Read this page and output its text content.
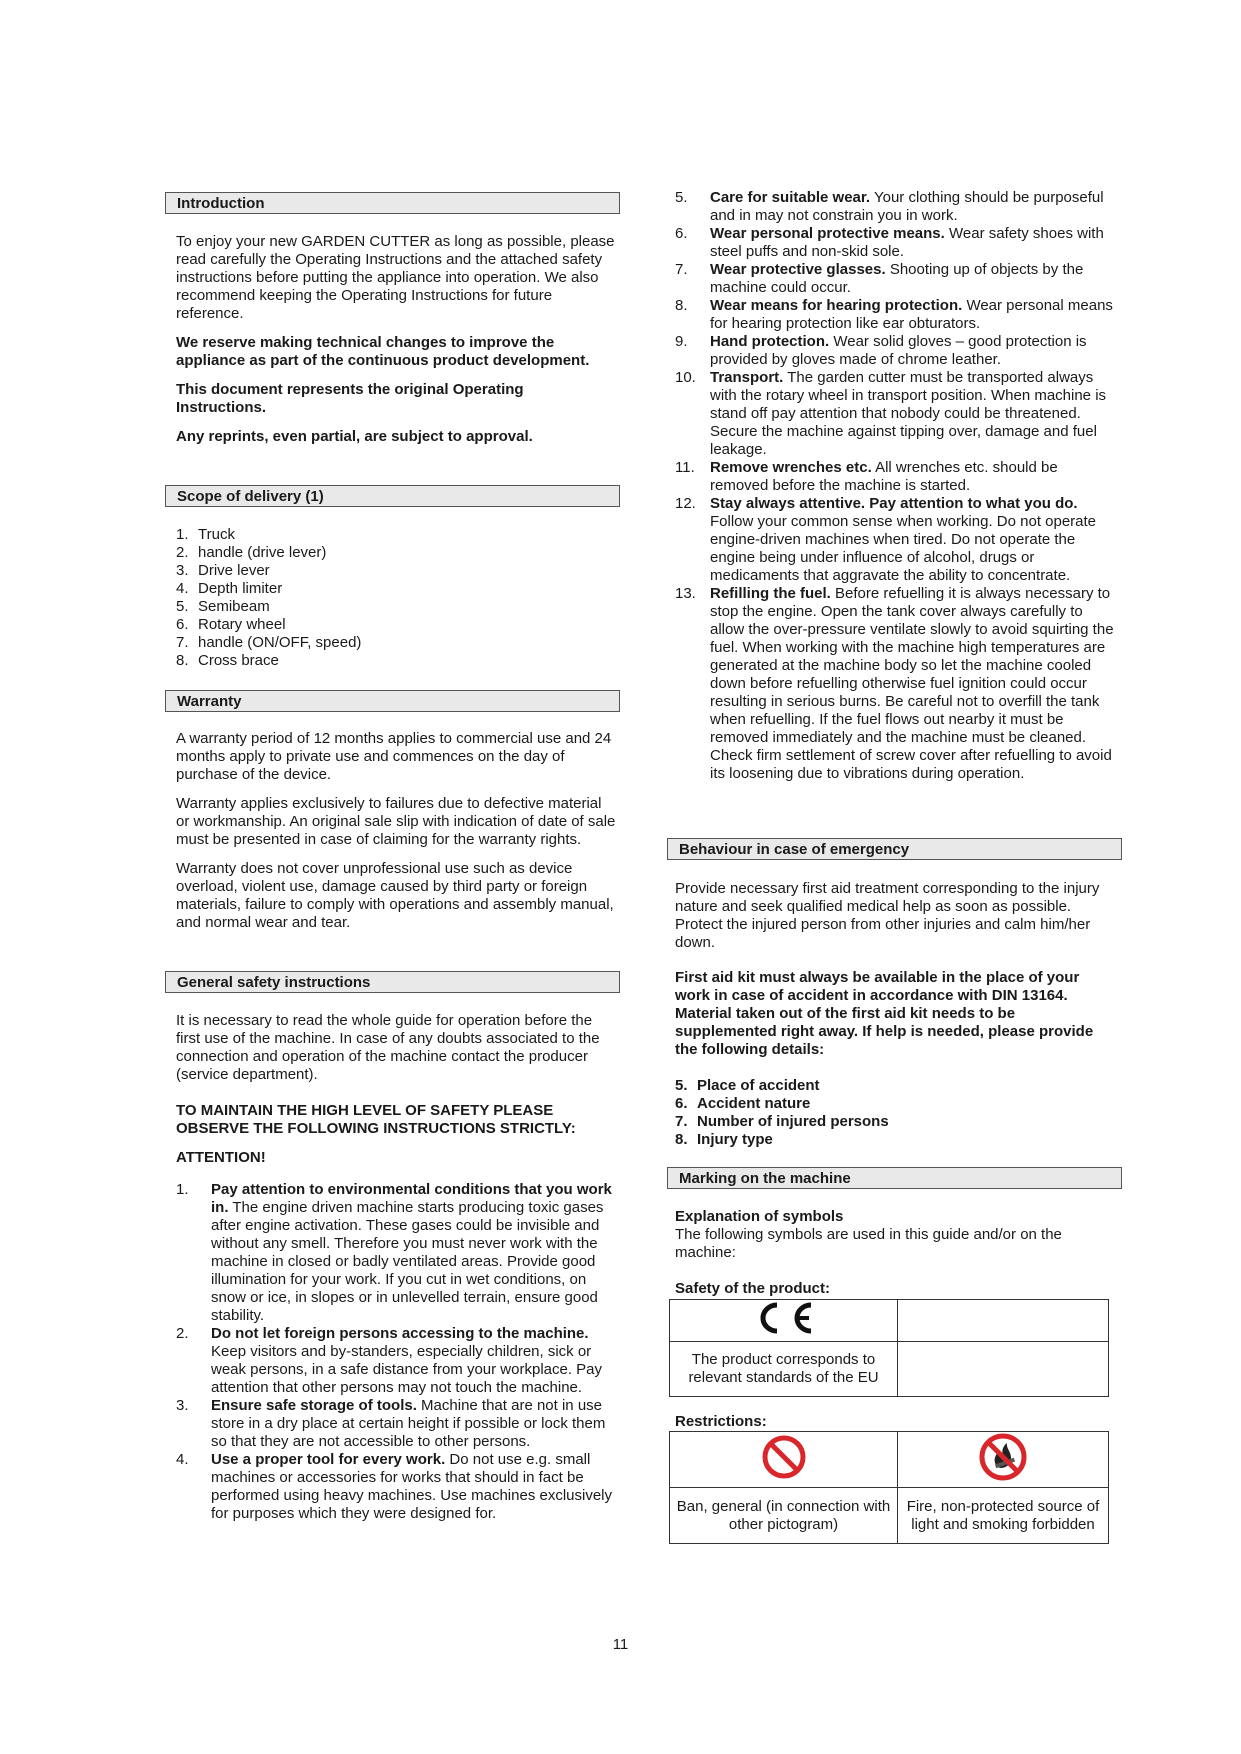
Introduction

To enjoy your new GARDEN CUTTER as long as possible, please read carefully the Operating Instructions and the attached safety instructions before putting the appliance into operation. We also recommend keeping the Operating Instructions for future reference.

We reserve making technical changes to improve the appliance as part of the continuous product development.

This document represents the original Operating Instructions.

Any reprints, even partial, are subject to approval.

Scope of delivery (1)
1. Truck
2. handle (drive lever)
3. Drive lever
4. Depth limiter
5. Semibeam
6. Rotary wheel
7. handle (ON/OFF, speed)
8. Cross brace
Warranty

A warranty period of 12 months applies to commercial use and 24 months apply to private use and commences on the day of purchase of the device.

Warranty applies exclusively to failures due to defective material or workmanship. An original sale slip with indication of date of sale must be presented in case of claiming for the warranty rights.

Warranty does not cover unprofessional use such as device overload, violent use, damage caused by third party or foreign materials, failure to comply with operations and assembly manual, and normal wear and tear.

General safety instructions

It is necessary to read the whole guide for operation before the first use of the machine. In case of any doubts associated to the connection and operation of the machine contact the producer (service department).

TO MAINTAIN THE HIGH LEVEL OF SAFETY PLEASE OBSERVE THE FOLLOWING INSTRUCTIONS STRICTLY:

ATTENTION!

1.	Pay attention to environmental conditions that you work in. The engine driven machine starts producing toxic gases after engine activation. These gases could be invisible and without any smell. Therefore you must never work with the machine in closed or badly ventilated areas. Provide good illumination for your work. If you cut in wet conditions, on snow or ice, in slopes or in unlevelled terrain, ensure good stability.

2.	Do not let foreign persons accessing to the machine. Keep visitors and by-standers, especially children, sick or weak persons, in a safe distance from your workplace. Pay attention that other persons may not touch the machine.

3.	Ensure safe storage of tools. Machine that are not in use store in a dry place at certain height if possible or lock them so that they are not accessible to other persons.

4.	Use a proper tool for every work. Do not use e.g. small machines or accessories for works that should in fact be performed using heavy machines. Use machines exclusively for purposes which they were designed for.

5.	Care for suitable wear. Your clothing should be purposeful and in may not constrain you in work.

6.	Wear personal protective means. Wear safety shoes with steel puffs and non-skid sole.

7.	Wear protective glasses. Shooting up of objects by the machine could occur.

8.	Wear means for hearing protection. Wear personal means for hearing protection like ear obturators.

9.	Hand protection. Wear solid gloves – good protection is provided by gloves made of chrome leather.

10. Transport. The garden cutter must be transported always with the rotary wheel in transport position. When machine is stand off pay attention that nobody could be threatened. Secure the machine against tipping over, damage and fuel leakage.

11.	Remove wrenches etc. All wrenches etc. should be removed before the machine is started.

12. Stay always attentive. Pay attention to what you do. Follow your common sense when working. Do not operate engine-driven machines when tired. Do not operate the engine being under influence of alcohol, drugs or medicaments that aggravate the ability to concentrate.

13. Refilling the fuel. Before refuelling it is always necessary to stop the engine. Open the tank cover always carefully to allow the over-pressure ventilate slowly to avoid squirting the fuel. When working with the machine high temperatures are generated at the machine body so let the machine cooled down before refuelling otherwise fuel ignition could occur resulting in serious burns. Be careful not to overfill the tank when refuelling. If the fuel flows out nearby it must be removed immediately and the machine must be cleaned. Check firm settlement of screw cover after refuelling to avoid its loosening due to vibrations during operation.

Behaviour in case of emergency

Provide necessary first aid treatment corresponding to the injury nature and seek qualified medical help as soon as possible. Protect the injured person from other injuries and calm him/her down.

First aid kit must always be available in the place of your work in case of accident in accordance with DIN 13164. Material taken out of the first aid kit needs to be supplemented right away. If help is needed, please provide the following details:

5. Place of accident
6. Accident nature
7. Number of injured persons
8. Injury type
Marking on the machine

Explanation of symbols

The following symbols are used in this guide and/or on the machine:

Safety of the product:

The product corresponds to relevant standards of the EU	

Restrictions:

Ban, general (in connection with other pictogram)	Fire, non-protected source of light and smoking forbidden
11
